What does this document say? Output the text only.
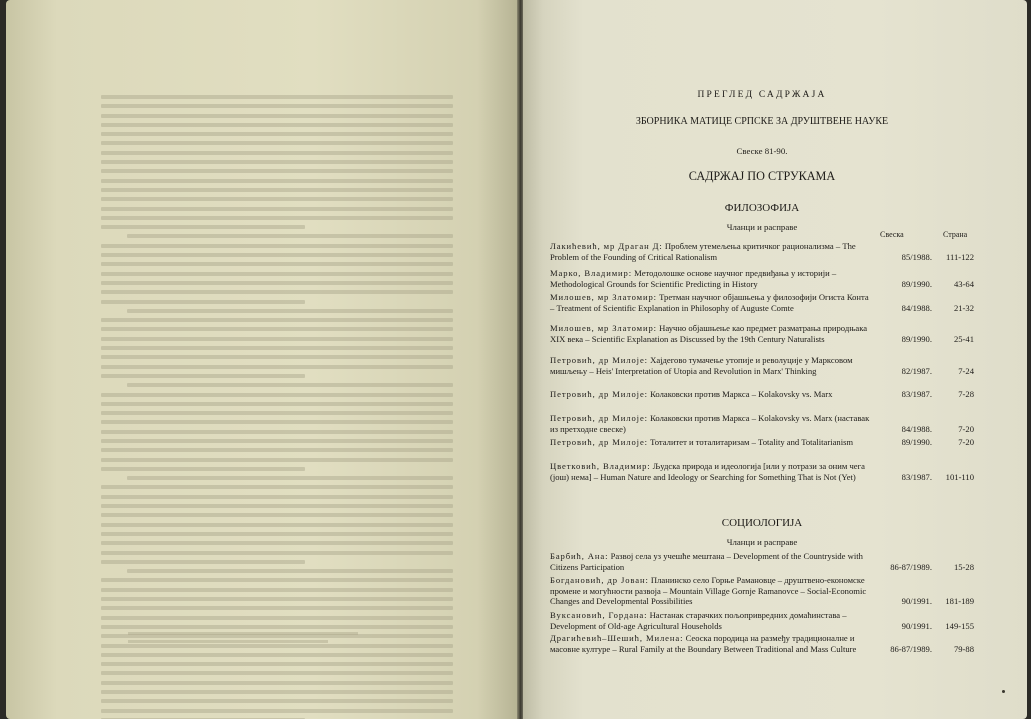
ПРЕГЛЕД САДРЖАЈА
ЗБОРНИКА МАТИЦЕ СРПСКЕ ЗА ДРУШТВЕНЕ НАУКЕ
Свеске 81-90.
САДРЖАЈ ПО СТРУКАМА
ФИЛОЗОФИЈА
Чланци и расправе
Свеска	Страна
Лакићевић, мр Драган Д: Проблем утемељења критичког рационализма – The Problem of the Founding of Critical Rationalism	85/1988.	111-122
Марко, Владимир: Методолошке основе научног предвиђања у историји – Methodological Grounds for Scientific Predicting in History	89/1990.	43-64
Милошев, мр Златомир: Третман научног објашњења у филозофији Огиста Конта – Treatment of Scientific Explanation in Philosophy of Auguste Comte	84/1988.	21-32
Милошев, мр Златомир: Научно објашњење као предмет разматрања природњака XIX века – Scientific Explanation as Discussed by the 19th Century Naturalists	89/1990.	25-41
Петровић, др Милоје: Хајдегово тумачење утопије и револуције у Марксовом мишљењу – Heis' Interpretation of Utopia and Revolution in Marx' Thinking	82/1987.	7-24
Петровић, др Милоје: Колаковски против Маркса – Kolakovsky vs. Marx	83/1987.	7-28
Петровић, др Милоје: Колаковски против Маркса – Kolakovsky vs. Marx (наставак из претходне свеске)	84/1988.	7-20
Петровић, др Милоје: Тоталитет и тоталитаризам – Totality and Totalitarianism	89/1990.	7-20
Цветковић, Владимир: Људска природа и идеологија [или у потрази за оним чега (још) нема] – Human Nature and Ideology or Searching for Something That is Not (Yet)	83/1987.	101-110
СОЦИОЛОГИЈА
Чланци и расправе
Барбић, Ана: Развој села уз учешће мештана – Development of the Countryside with Citizens Participation	86-87/1989.	15-28
Богдановић, др Јован: Планинско село Горње Рамановце – друштвено-економске промене и могућности развоја – Mountain Village Gornje Ramanovce – Social-Economic Changes and Developmental Possibilities	90/1991.	181-189
Вуксановић, Гордана: Настанак старачких пољопривредних домаћинстава – Development of Old-age Agricultural Households	90/1991.	149-155
Драгићевић–Шешић, Милена: Сеоска породица на размеђу традиционалне и масовне културе – Rural Family at the Boundary Between Traditional and Mass Culture	86-87/1989.	79-88
